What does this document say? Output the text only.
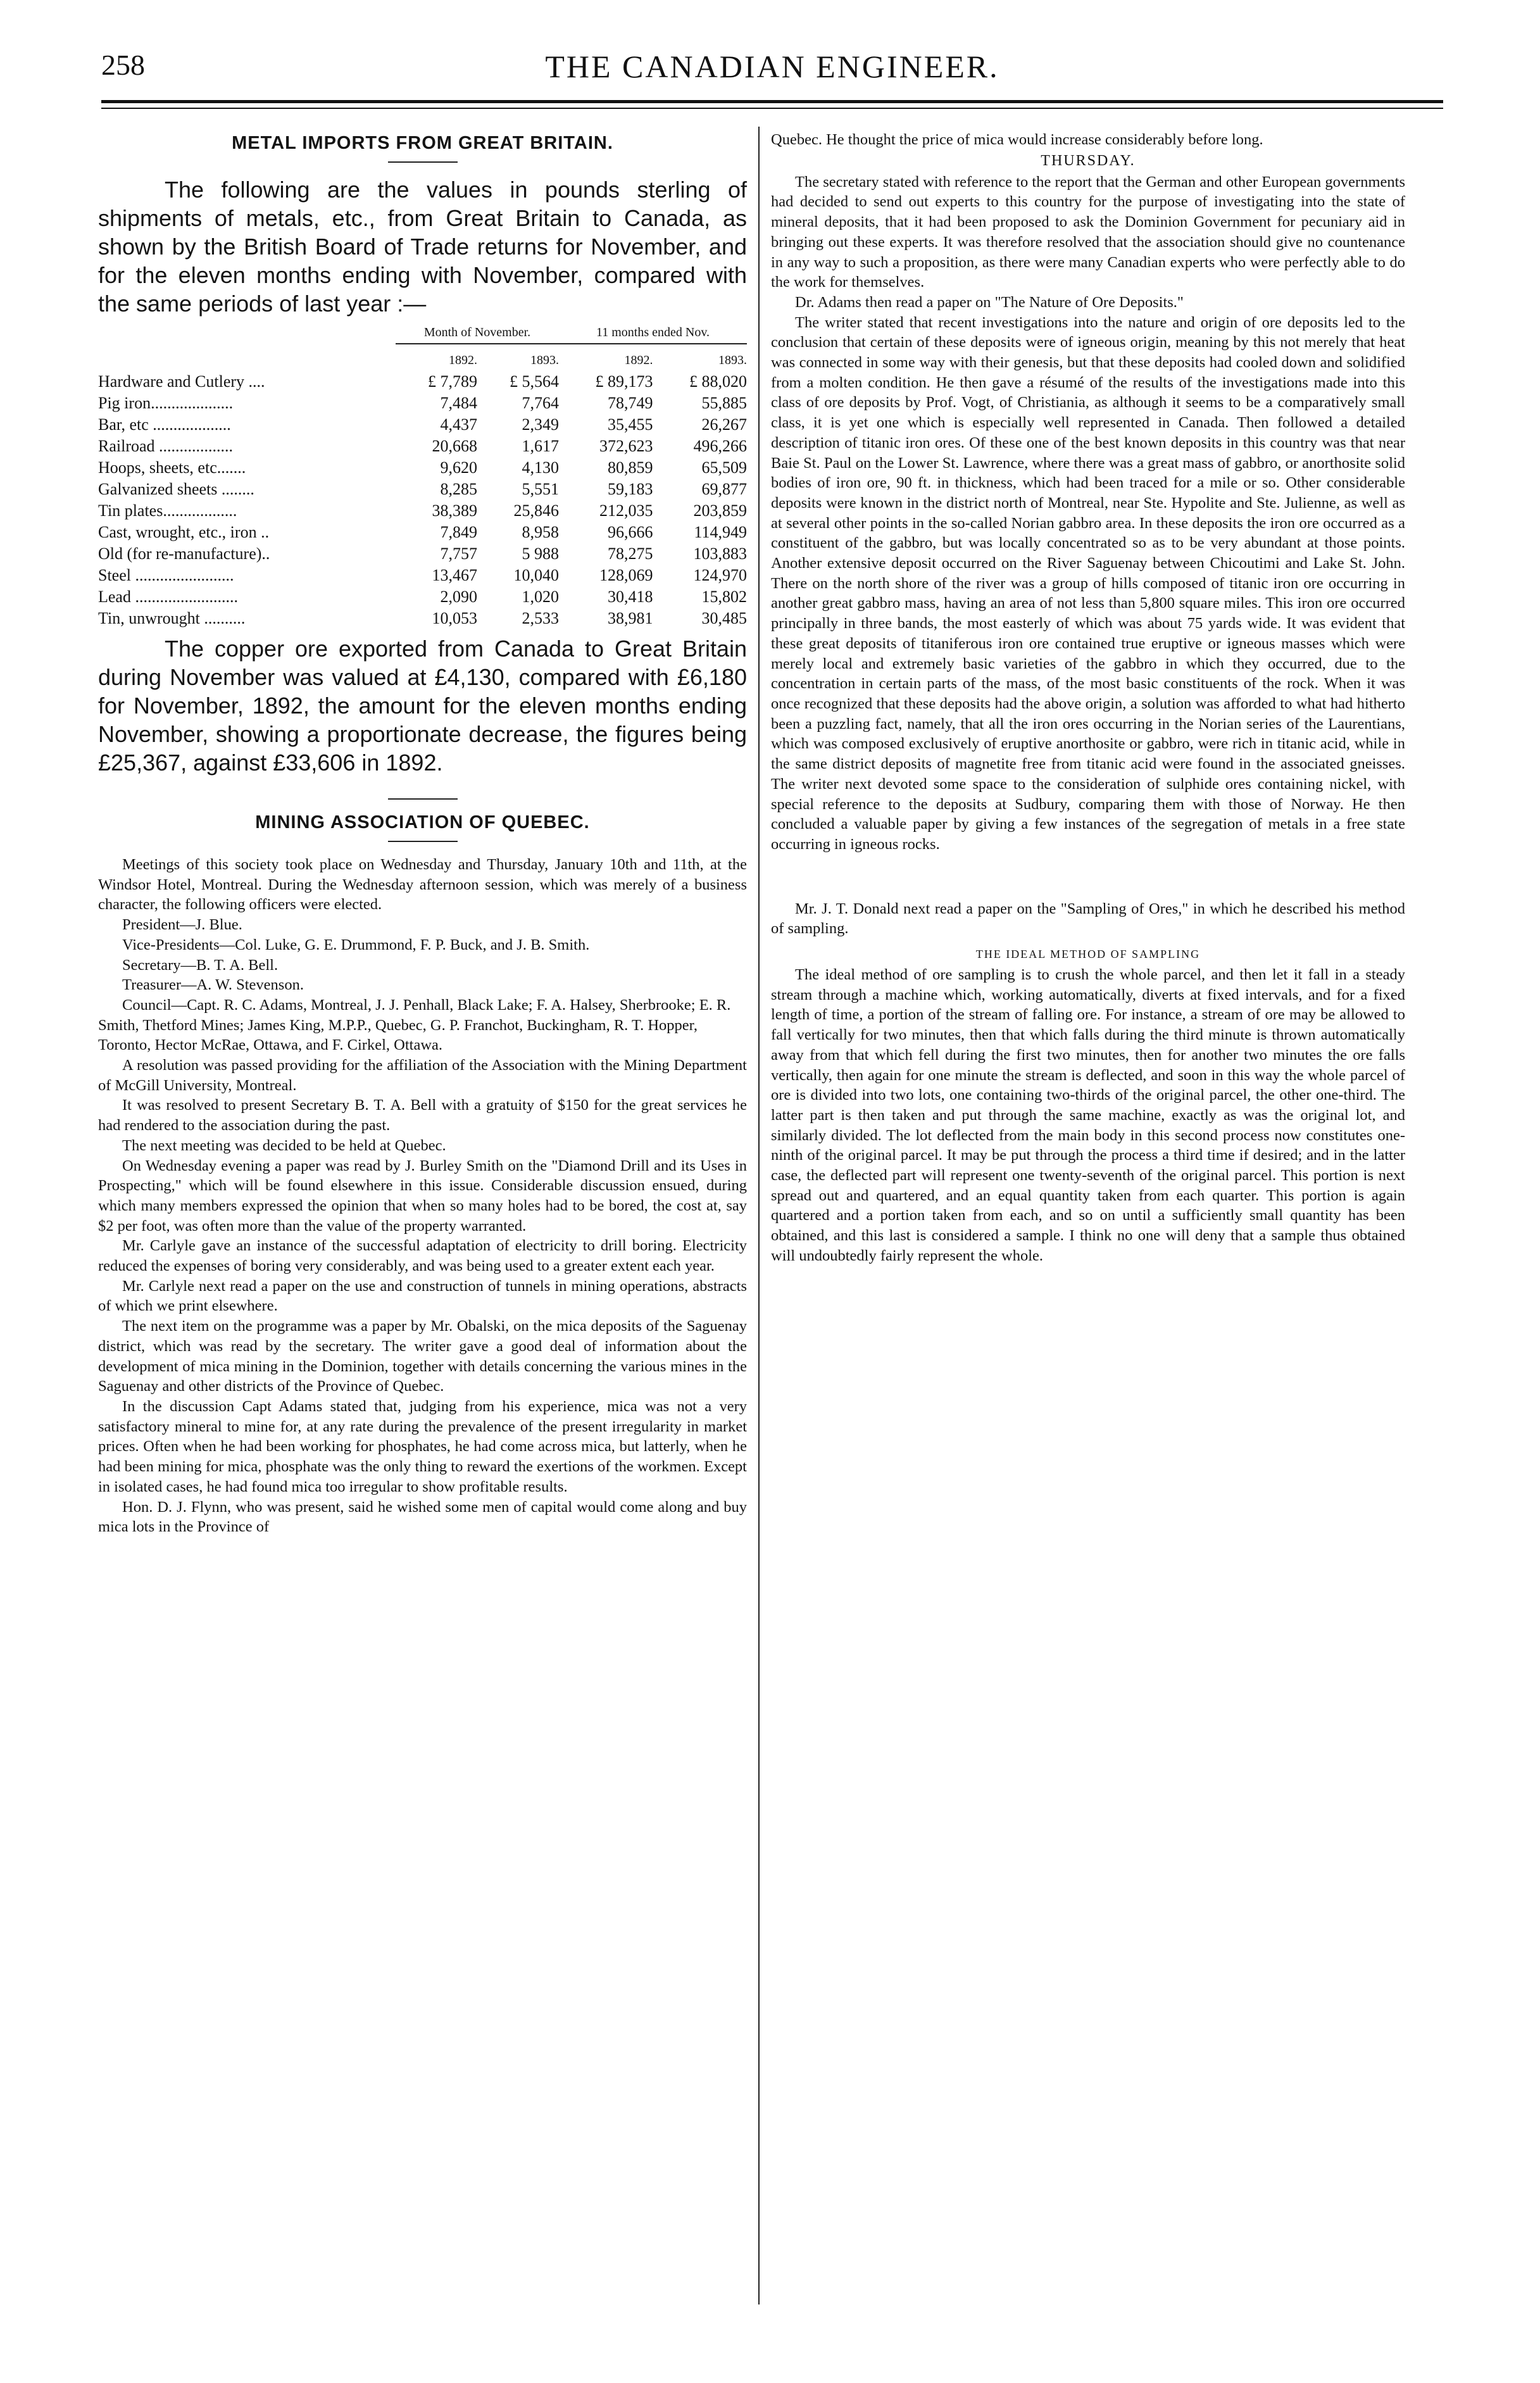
258	THE CANADIAN ENGINEER.
METAL IMPORTS FROM GREAT BRITAIN.

The following are the values in pounds sterling of shipments of metals, etc., from Great Britain to Canada, as shown by the British Board of Trade returns for November, and for the eleven months ending with November, compared with the same periods of last year :—

	Month of November.		11 months ended Nov.	

	1892.	1893.	1892.	1893.
Hardware and Cutlery ....	£ 7,789	£ 5,564	£ 89,173	£ 88,020
Pig iron....................	7,484	7,764	78,749	55,885
Bar, etc ...................	4,437	2,349	35,455	26,267
Railroad ..................	20,668	1,617	372,623	496,266
Hoops, sheets, etc.......	9,620	4,130	80,859	65,509
Galvanized sheets ........	8,285	5,551	59,183	69,877
Tin plates..................	38,389	25,846	212,035	203,859
Cast, wrought, etc., iron ..	7,849	8,958	96,666	114,949
Old (for re-manufacture)..	7,757	5 988	78,275	103,883
Steel ........................	13,467	10,040	128,069	124,970
Lead .........................	2,090	1,020	30,418	15,802
Tin, unwrought ..........	10,053	2,533	38,981	30,485

The copper ore exported from Canada to Great Britain during November was valued at £4,130, compared with £6,180 for November, 1892, the amount for the eleven months ending November, showing a proportionate decrease, the figures being £25,367, against £33,606 in 1892.

MINING ASSOCIATION OF QUEBEC.

Meetings of this society took place on Wednesday and Thursday, January 10th and 11th, at the Windsor Hotel, Montreal. During the Wednesday afternoon session, which was merely of a business character, the following officers were elected.

President—J. Blue.

Vice-Presidents—Col. Luke, G. E. Drummond, F. P. Buck, and J. B. Smith.

Secretary—B. T. A. Bell.

Treasurer—A. W. Stevenson.

Council—Capt. R. C. Adams, Montreal, J. J. Penhall, Black Lake; F. A. Halsey, Sherbrooke; E. R. Smith, Thetford Mines; James King, M.P.P., Quebec, G. P. Franchot, Buckingham, R. T. Hopper, Toronto, Hector McRae, Ottawa, and F. Cirkel, Ottawa.

A resolution was passed providing for the affiliation of the Association with the Mining Department of McGill University, Montreal.

It was resolved to present Secretary B. T. A. Bell with a gratuity of $150 for the great services he had rendered to the association during the past.

The next meeting was decided to be held at Quebec.

On Wednesday evening a paper was read by J. Burley Smith on the "Diamond Drill and its Uses in Prospecting," which will be found elsewhere in this issue. Considerable discussion ensued, during which many members expressed the opinion that when so many holes had to be bored, the cost at, say $2 per foot, was often more than the value of the property warranted.

Mr. Carlyle gave an instance of the successful adaptation of electricity to drill boring. Electricity reduced the expenses of boring very considerably, and was being used to a greater extent each year.

Mr. Carlyle next read a paper on the use and construction of tunnels in mining operations, abstracts of which we print elsewhere.

The next item on the programme was a paper by Mr. Obalski, on the mica deposits of the Saguenay district, which was read by the secretary. The writer gave a good deal of information about the development of mica mining in the Dominion, together with details concerning the various mines in the Saguenay and other districts of the Province of Quebec.

In the discussion Capt Adams stated that, judging from his experience, mica was not a very satisfactory mineral to mine for, at any rate during the prevalence of the present irregularity in market prices. Often when he had been working for phosphates, he had come across mica, but latterly, when he had been mining for mica, phosphate was the only thing to reward the exertions of the workmen. Except in isolated cases, he had found mica too irregular to show profitable results.

Hon. D. J. Flynn, who was present, said he wished some men of capital would come along and buy mica lots in the Province of

Quebec. He thought the price of mica would increase considerably before long.

THURSDAY.

The secretary stated with reference to the report that the German and other European governments had decided to send out experts to this country for the purpose of investigating into the state of mineral deposits, that it had been proposed to ask the Dominion Government for pecuniary aid in bringing out these experts. It was therefore resolved that the association should give no countenance in any way to such a proposition, as there were many Canadian experts who were perfectly able to do the work for themselves.

Dr. Adams then read a paper on "The Nature of Ore Deposits."

The writer stated that recent investigations into the nature and origin of ore deposits led to the conclusion that certain of these deposits were of igneous origin, meaning by this not merely that heat was connected in some way with their genesis, but that these deposits had cooled down and solidified from a molten condition. He then gave a résumé of the results of the investigations made into this class of ore deposits by Prof. Vogt, of Christiania, as although it seems to be a comparatively small class, it is yet one which is especially well represented in Canada. Then followed a detailed description of titanic iron ores. Of these one of the best known deposits in this country was that near Baie St. Paul on the Lower St. Lawrence, where there was a great mass of gabbro, or anorthosite solid bodies of iron ore, 90 ft. in thickness, which had been traced for a mile or so. Other considerable deposits were known in the district north of Montreal, near Ste. Hypolite and Ste. Julienne, as well as at several other points in the so-called Norian gabbro area. In these deposits the iron ore occurred as a constituent of the gabbro, but was locally concentrated so as to be very abundant at those points. Another extensive deposit occurred on the River Saguenay between Chicoutimi and Lake St. John. There on the north shore of the river was a group of hills composed of titanic iron ore occurring in another great gabbro mass, having an area of not less than 5,800 square miles. This iron ore occurred principally in three bands, the most easterly of which was about 75 yards wide. It was evident that these great deposits of titaniferous iron ore contained true eruptive or igneous masses which were merely local and extremely basic varieties of the gabbro in which they occurred, due to the concentration in certain parts of the mass, of the most basic constituents of the rock. When it was once recognized that these deposits had the above origin, a solution was afforded to what had hitherto been a puzzling fact, namely, that all the iron ores occurring in the Norian series of the Laurentians, which was composed exclusively of eruptive anorthosite or gabbro, were rich in titanic acid, while in the same district deposits of magnetite free from titanic acid were found in the associated gneisses. The writer next devoted some space to the consideration of sulphide ores containing nickel, with special reference to the deposits at Sudbury, comparing them with those of Norway. He then concluded a valuable paper by giving a few instances of the segregation of metals in a free state occurring in igneous rocks.

Mr. J. T. Donald next read a paper on the "Sampling of Ores," in which he described his method of sampling.

THE IDEAL METHOD OF SAMPLING

The ideal method of ore sampling is to crush the whole parcel, and then let it fall in a steady stream through a machine which, working automatically, diverts at fixed intervals, and for a fixed length of time, a portion of the stream of falling ore. For instance, a stream of ore may be allowed to fall vertically for two minutes, then that which falls during the third minute is thrown automatically away from that which fell during the first two minutes, then for another two minutes the ore falls vertically, then again for one minute the stream is deflected, and soon in this way the whole parcel of ore is divided into two lots, one containing two-thirds of the original parcel, the other one-third. The latter part is then taken and put through the same machine, exactly as was the original lot, and similarly divided. The lot deflected from the main body in this second process now constitutes one-ninth of the original parcel. It may be put through the process a third time if desired; and in the latter case, the deflected part will represent one twenty-seventh of the original parcel. This portion is next spread out and quartered, and an equal quantity taken from each quarter. This portion is again quartered and a portion taken from each, and so on until a sufficiently small quantity has been obtained, and this last is considered a sample. I think no one will deny that a sample thus obtained will undoubtedly fairly represent the whole.
